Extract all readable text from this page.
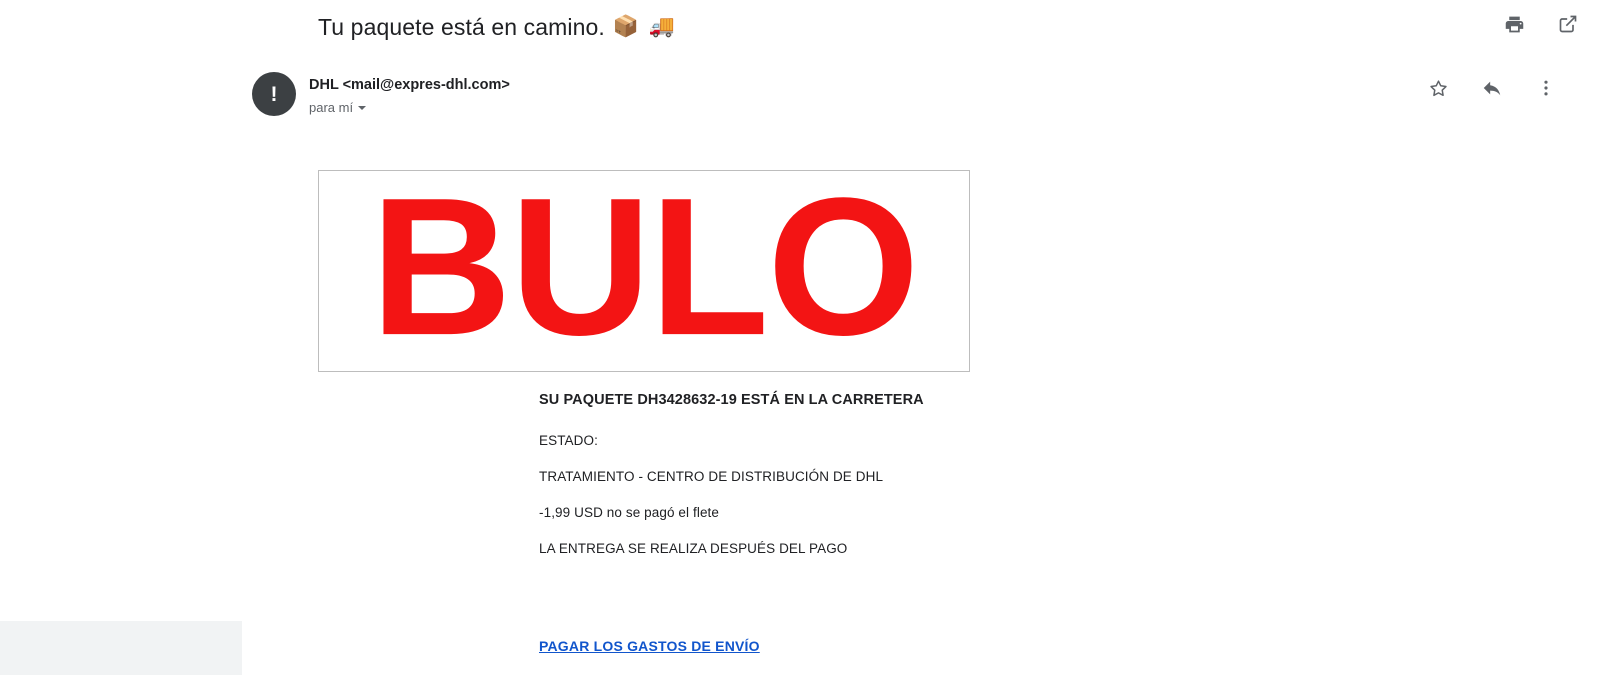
Tu paquete está en camino. 📦 🚚
! DHL <mail@expres-dhl.com>
para mí
BULO
SU PAQUETE DH3428632-19 ESTÁ EN LA CARRETERA
ESTADO:
TRATAMIENTO - CENTRO DE DISTRIBUCIÓN DE DHL
-1,99 USD no se pagó el flete
LA ENTREGA SE REALIZA DESPUÉS DEL PAGO
PAGAR LOS GASTOS DE ENVÍO
